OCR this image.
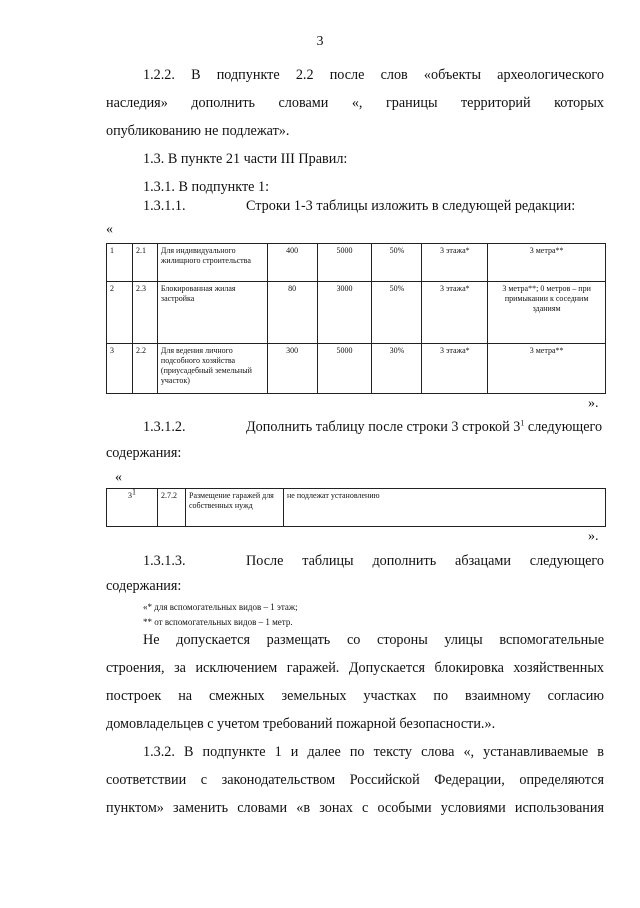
3
1.2.2. В подпункте 2.2 после слов «объекты археологического
наследия» дополнить словами «, границы территорий которых
опубликованию не подлежат».
1.3. В пункте 21 части III Правил:
1.3.1. В подпункте 1:
1.3.1.1.	Строки 1-3 таблицы изложить в следующей редакции:
«
1	2.1	Для индивидуального жилищного строительства	400	5000	50%	3 этажа*	3 метра**
2	2.3	Блокированная жилая застройка	80	3000	50%	3 этажа*	3 метра**; 0 метров – при примыкании к соседним зданиям
3	2.2	Для ведения личного подсобного хозяйства (приусадебный земельный участок)	300	5000	30%	3 этажа*	3 метра**
».
1.3.1.2.	Дополнить таблицу после строки 3 строкой $3^1$ следующего
содержания:
«
$3^1$	2.7.2	Размещение гаражей для собственных нужд	не подлежат установлению
».
1.3.1.3.	После таблицы дополнить абзацами следующего
содержания:
«* для вспомогательных видов – 1 этаж;
** от вспомогательных видов – 1 метр.
Не допускается размещать со стороны улицы вспомогательные
строения, за исключением гаражей. Допускается блокировка хозяйственных
построек на смежных земельных участках по взаимному согласию
домовладельцев с учетом требований пожарной безопасности.».
1.3.2. В подпункте 1 и далее по тексту слова «, устанавливаемые в
соответствии с законодательством Российской Федерации, определяются
пунктом» заменить словами «в зонах с особыми условиями использования
